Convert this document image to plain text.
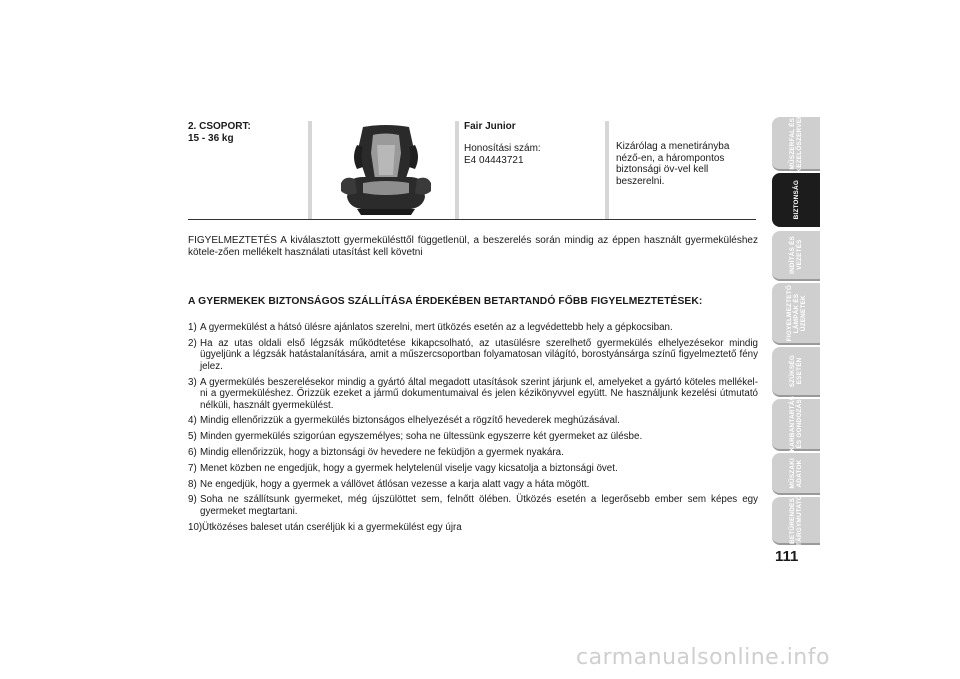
2. CSOPORT:
15 - 36 kg
Fair Junior
Honosítási szám:
E4 04443721
Kizárólag a menetirányba néző-en, a hárompontos biztonsági öv-vel kell beszerelni.
FIGYELMEZTETÉS A kiválasztott gyermekülésttől függetlenül, a beszerelés során mindig az éppen használt gyermeküléshez kötele-zően mellékelt használati utasítást kell követni
A GYERMEKEK BIZTONSÁGOS SZÁLLÍTÁSA ÉRDEKÉBEN BETARTANDÓ FŐBB FIGYELMEZTETÉSEK:
1) A gyermekülést a hátsó ülésre ajánlatos szerelni, mert ütközés esetén az a legvédettebb hely a gépkocsiban.
2) Ha az utas oldali első légzsák működtetése kikapcsolható, az utasülésre szerelhető gyermekülés elhelyezésekor mindig ügyeljünk a légzsák hatástalanítására, amit a műszercsoportban folyamatosan világító, borostyánsárga színű figyelmeztető fény jelez.
3) A gyermekülés beszerelésekor mindig a gyártó által megadott utasítások szerint járjunk el, amelyeket a gyártó köteles mellékel-ni a gyermeküléshez. Őrizzük ezeket a jármű dokumentumaival és jelen kézikönyvvel együtt. Ne használjunk kezelési útmutató nélküli, használt gyermekülést.
4) Mindig ellenőrizzük a gyermekülés biztonságos elhelyezését a rögzítő hevederek meghúzásával.
5) Minden gyermekülés szigorúan egyszemélyes; soha ne ültessünk egyszerre két gyermeket az ülésbe.
6) Mindig ellenőrizzük, hogy a biztonsági öv hevedere ne feküdjön a gyermek nyakára.
7) Menet közben ne engedjük, hogy a gyermek helytelenül viselje vagy kicsatolja a biztonsági övet.
8) Ne engedjük, hogy a gyermek a vállövet átlósan vezesse a karja alatt vagy a háta mögött.
9) Soha ne szállítsunk gyermeket, még újszülöttet sem, felnőtt ölében. Ütközés esetén a legerősebb ember sem képes egy gyermeket megtartani.
10) Ütközéses baleset után cseréljük ki a gyermekülést egy újra
MŰSZERFAL ÉS
KEZELŐSZERVEK
BIZTONSÁG
INDÍTÁS ÉS
VEZETÉS
FIGYELMEZTETŐ
LÁMPÁK ÉS
ÜZENETEK
SZÜKSÉG
ESETÉN
KARBANTARTÁS
ÉS GONDOZÁS
MŰSZAKI
ADATOK
BETŰRENDES
TÁRGYMUTATÓ
111
carmanualsonline.info
